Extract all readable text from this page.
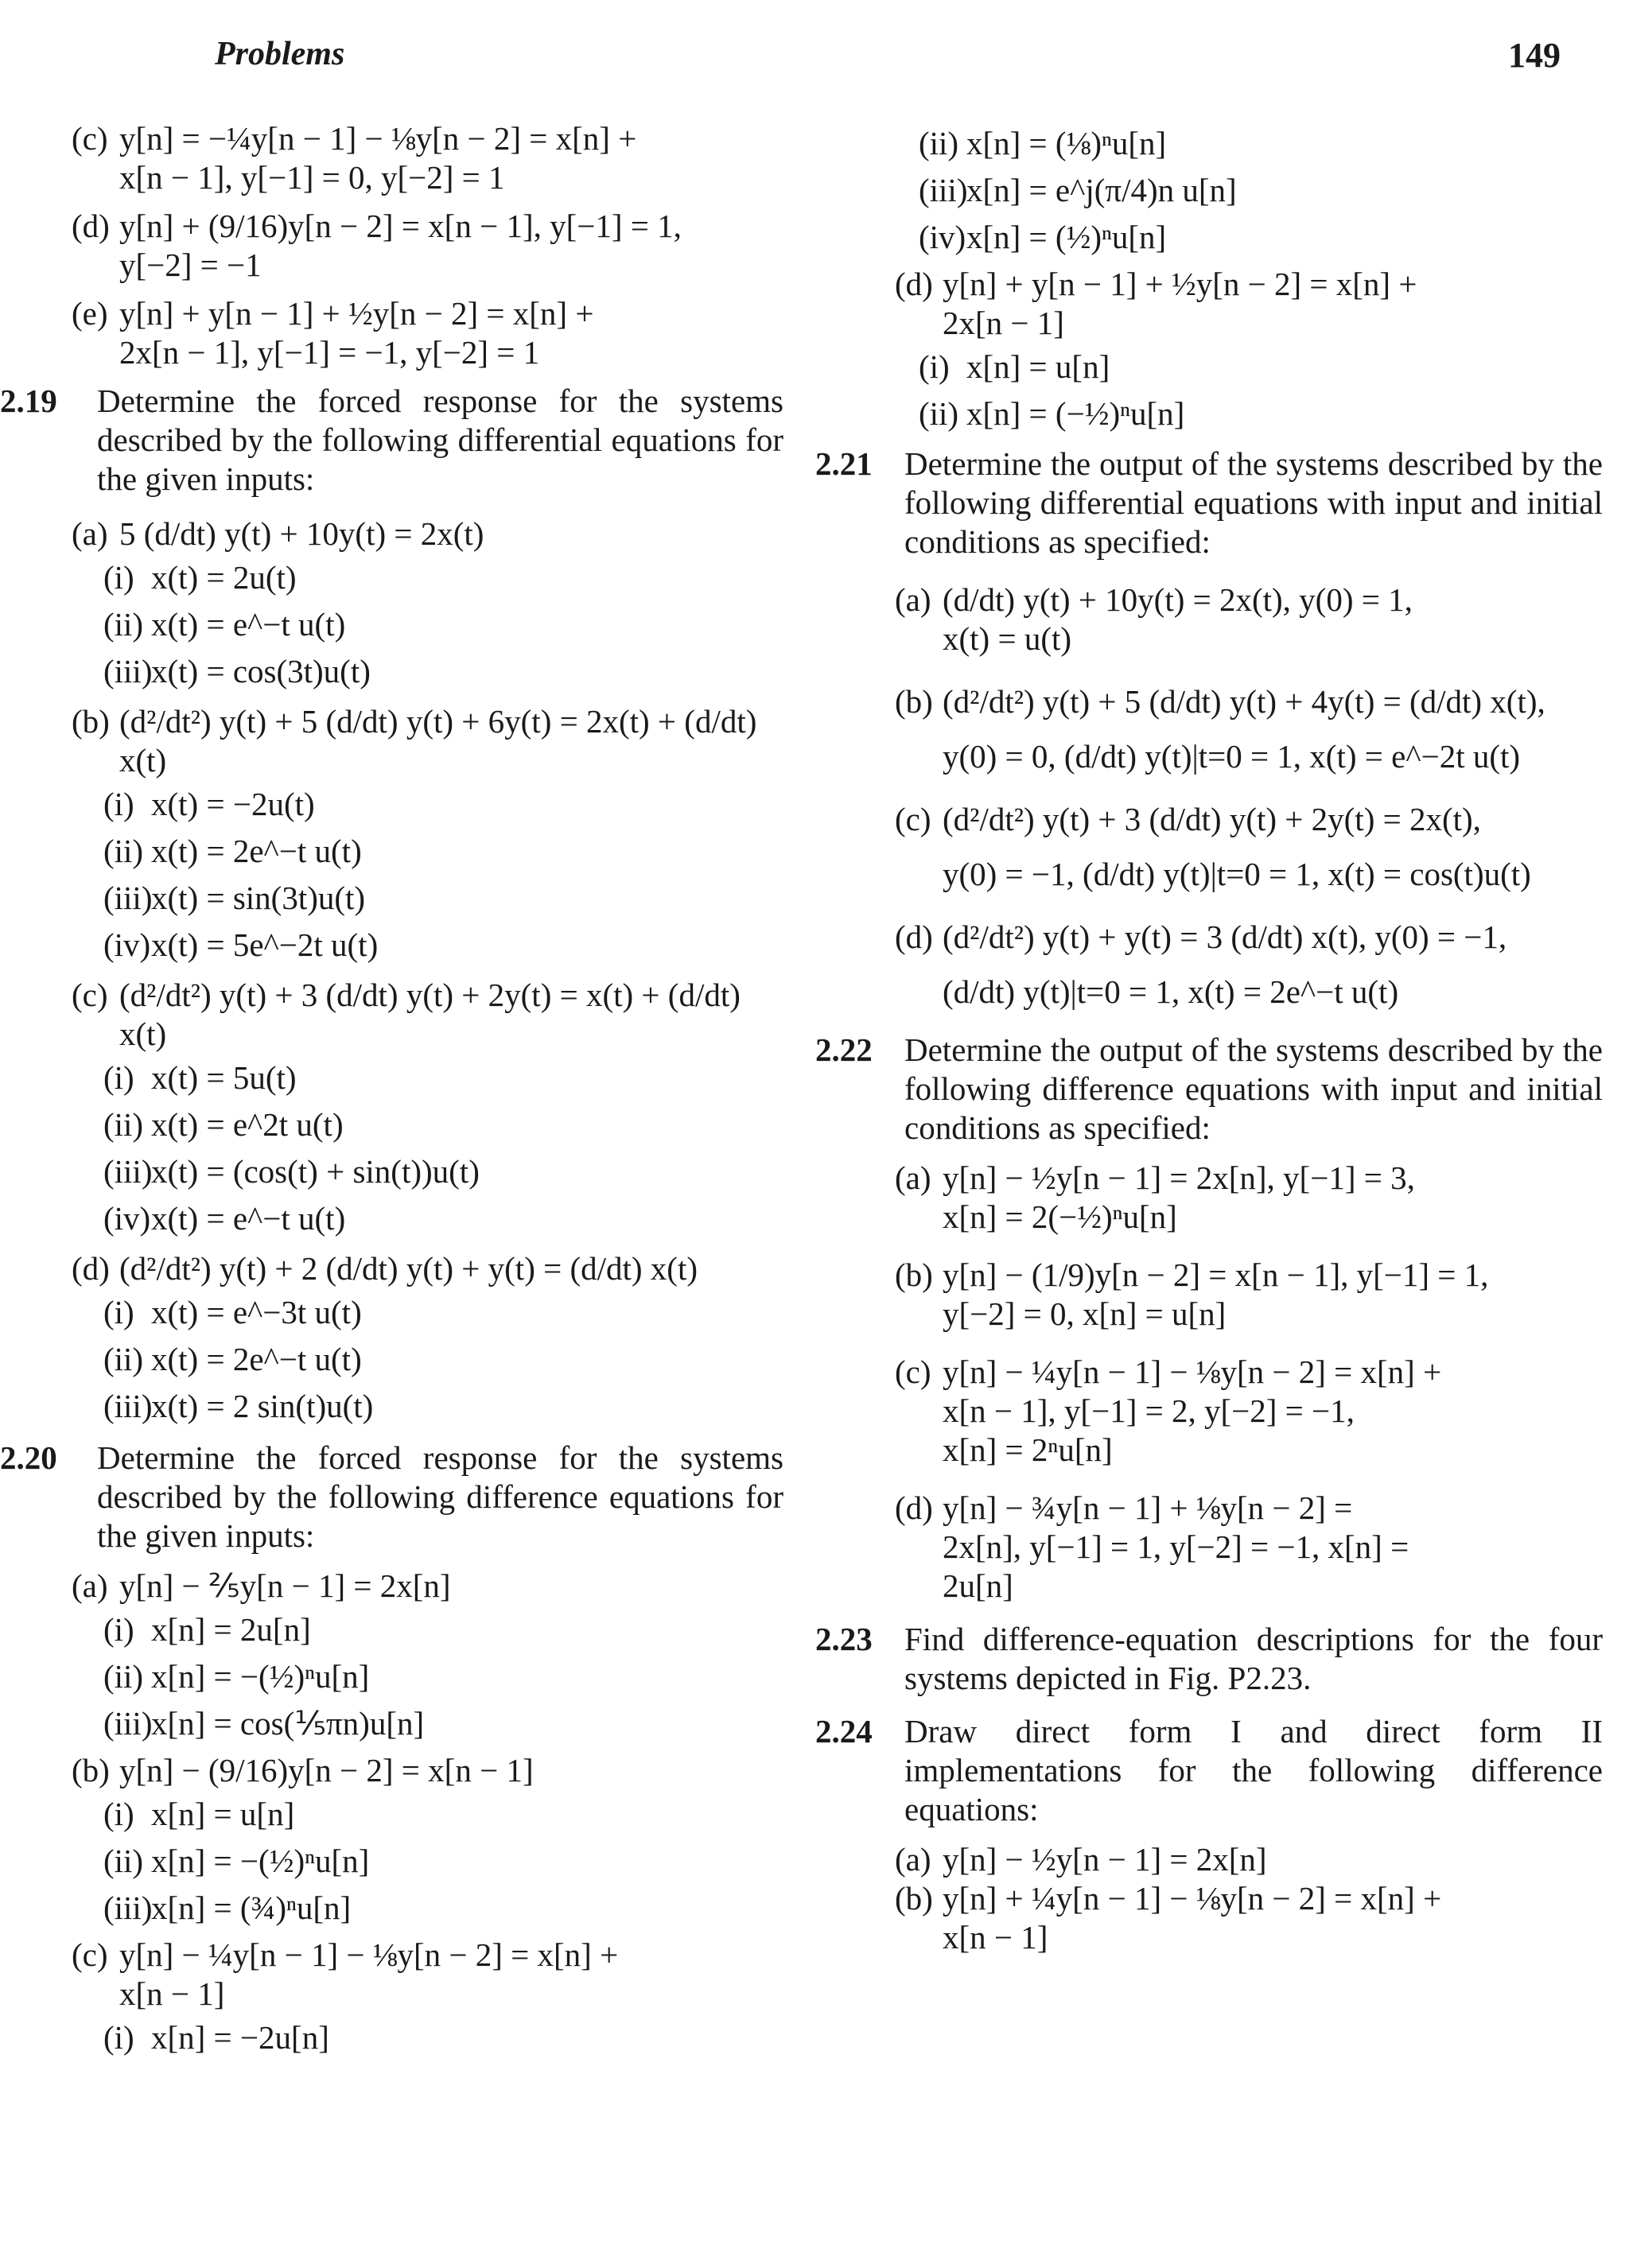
Problems	149
(c) y[n] = −¼y[n − 1] − ⅛y[n − 2] = x[n] +
x[n − 1], y[−1] = 0, y[−2] = 1
(d) y[n] + (9/16)y[n − 2] = x[n − 1], y[−1] = 1,
y[−2] = −1
(e) y[n] + y[n − 1] + ½y[n − 2] = x[n] +
2x[n − 1], y[−1] = −1, y[−2] = 1
2.19 Determine the forced response for the systems described by the following differential equations for the given inputs:
(a) 5 (d/dt) y(t) + 10y(t) = 2x(t)
(i) x(t) = 2u(t)
(ii) x(t) = e^−t u(t)
(iii)
x(t) = cos(3t)u(t)
(b) (d²/dt²) y(t) + 5 (d/dt) y(t) + 6y(t) = 2x(t) + (d/dt) x(t)
(i) x(t) = −2u(t)
(ii) x(t) = 2e^−t u(t)
(iii)
x(t) = sin(3t)u(t)
(iv) x(t) = 5e^−2t u(t)
(c) (d²/dt²) y(t) + 3 (d/dt) y(t) + 2y(t) = x(t) + (d/dt) x(t)
(i) x(t) = 5u(t)
(ii) x(t) = e^2t u(t)
(iii)
x(t) = (cos(t) + sin(t))u(t)
(iv) x(t) = e^−t u(t)
(d) (d²/dt²) y(t) + 2 (d/dt) y(t) + y(t) = (d/dt) x(t)
(i) x(t) = e^−3t u(t)
(ii) x(t) = 2e^−t u(t)
(iii)
x(t) = 2 sin(t)u(t)
2.20 Determine the forced response for the systems described by the following difference equations for the given inputs:
(a) y[n] − ⅖y[n − 1] = 2x[n]
(i) x[n] = 2u[n]
(ii) x[n] = −(½)ⁿu[n]
(iii)
x[n] = cos(⅕πn)u[n]
(b) y[n] − (9/16)y[n − 2] = x[n − 1]
(i) x[n] = u[n]
(ii) x[n] = −(½)ⁿu[n]
(iii)
x[n] = (¾)ⁿu[n]
(c) y[n] − ¼y[n − 1] − ⅛y[n − 2] = x[n] +
x[n − 1]
(i) x[n] = −2u[n]
(ii) x[n] = (⅛)ⁿu[n]
(iii)
x[n] = e^j(π/4)n u[n]
(iv) x[n] = (½)ⁿu[n]
(d) y[n] + y[n − 1] + ½y[n − 2] = x[n] +
2x[n − 1]
(i) x[n] = u[n]
(ii) x[n] = (−½)ⁿu[n]
2.21 Determine the output of the systems described by the following differential equations with input and initial conditions as specified:
(a) (d/dt) y(t) + 10y(t) = 2x(t), y(0) = 1,
x(t) = u(t)
(b) (d²/dt²) y(t) + 5 (d/dt) y(t) + 4y(t) = (d/dt) x(t),
y(0) = 0, (d/dt) y(t)|t=0 = 1, x(t) = e^−2t u(t)
(c) (d²/dt²) y(t) + 3 (d/dt) y(t) + 2y(t) = 2x(t),
y(0) = −1, (d/dt) y(t)|t=0 = 1, x(t) = cos(t)u(t)
(d) (d²/dt²) y(t) + y(t) = 3 (d/dt) x(t), y(0) = −1,
(d/dt) y(t)|t=0 = 1, x(t) = 2e^−t u(t)
2.22 Determine the output of the systems described by the following difference equations with input and initial conditions as specified:
(a) y[n] − ½y[n − 1] = 2x[n], y[−1] = 3,
x[n] = 2(−½)ⁿu[n]
(b) y[n] − (1/9)y[n − 2] = x[n − 1], y[−1] = 1,
y[−2] = 0, x[n] = u[n]
(c) y[n] − ¼y[n − 1] − ⅛y[n − 2] = x[n] +
x[n − 1], y[−1] = 2, y[−2] = −1,
x[n] = 2ⁿu[n]
(d) y[n] − ¾y[n − 1] + ⅛y[n − 2] =
2x[n], y[−1] = 1, y[−2] = −1, x[n] =
2u[n]
2.23 Find difference-equation descriptions for the four systems depicted in Fig. P2.23.
2.24 Draw direct form I and direct form II implementations for the following difference equations:
(a) y[n] − ½y[n − 1] = 2x[n]
(b) y[n] + ¼y[n − 1] − ⅛y[n − 2] = x[n] +
x[n − 1]
